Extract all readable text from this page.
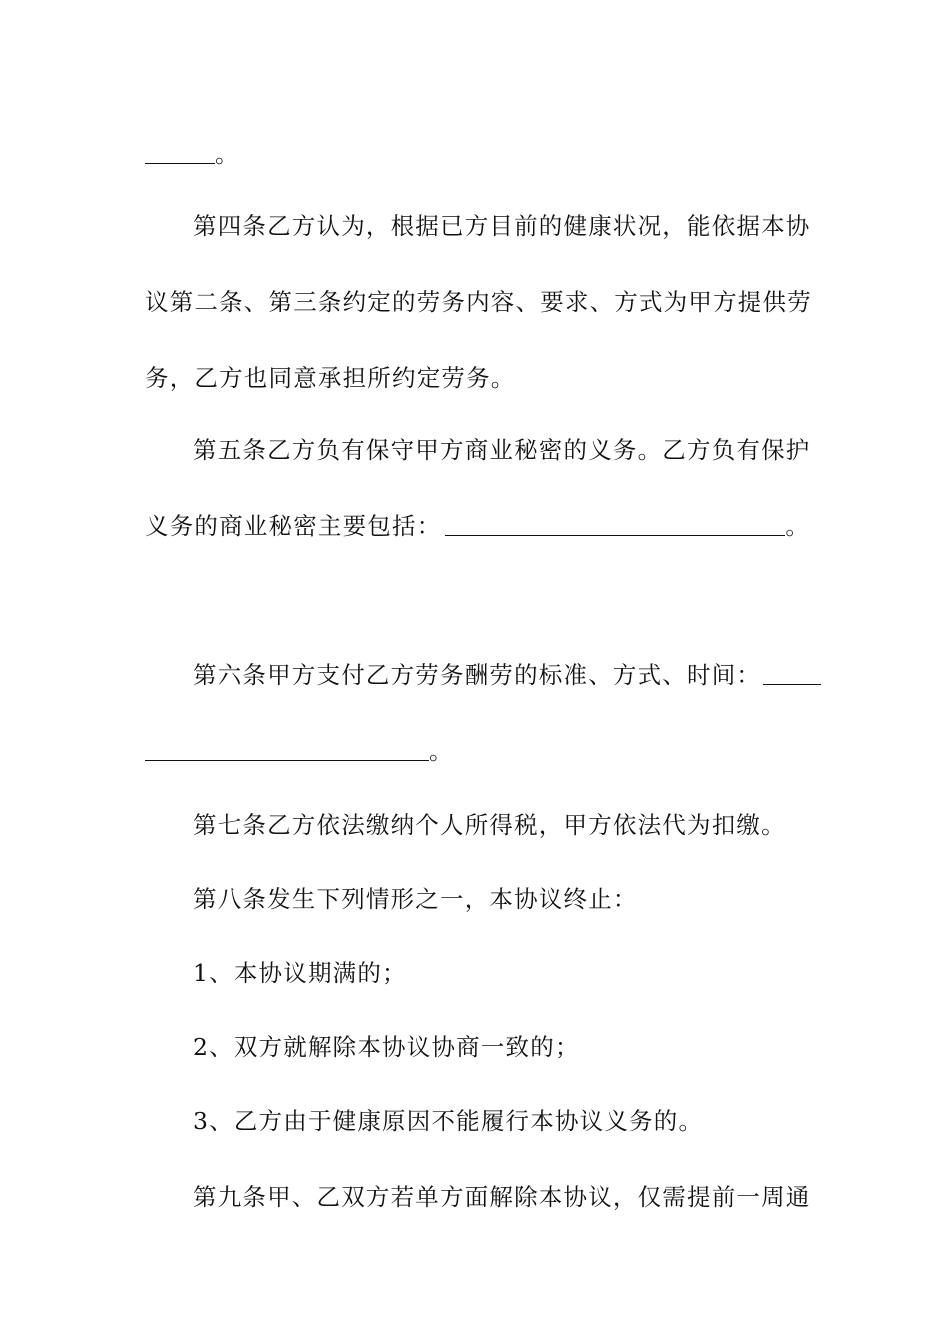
。
第四条乙方认为，根据已方目前的健康状况，能依据本协
议第二条、第三条约定的劳务内容、要求、方式为甲方提供劳
务，乙方也同意承担所约定劳务。
第五条乙方负有保守甲方商业秘密的义务。乙方负有保护
义务的商业秘密主要包括：	。
第六条甲方支付乙方劳务酬劳的标准、方式、时间：
。
第七条乙方依法缴纳个人所得税，甲方依法代为扣缴。
第八条发生下列情形之一，本协议终止：
1、本协议期满的；
2、双方就解除本协议协商一致的；
3、乙方由于健康原因不能履行本协议义务的。
第九条甲、乙双方若单方面解除本协议，仅需提前一周通
